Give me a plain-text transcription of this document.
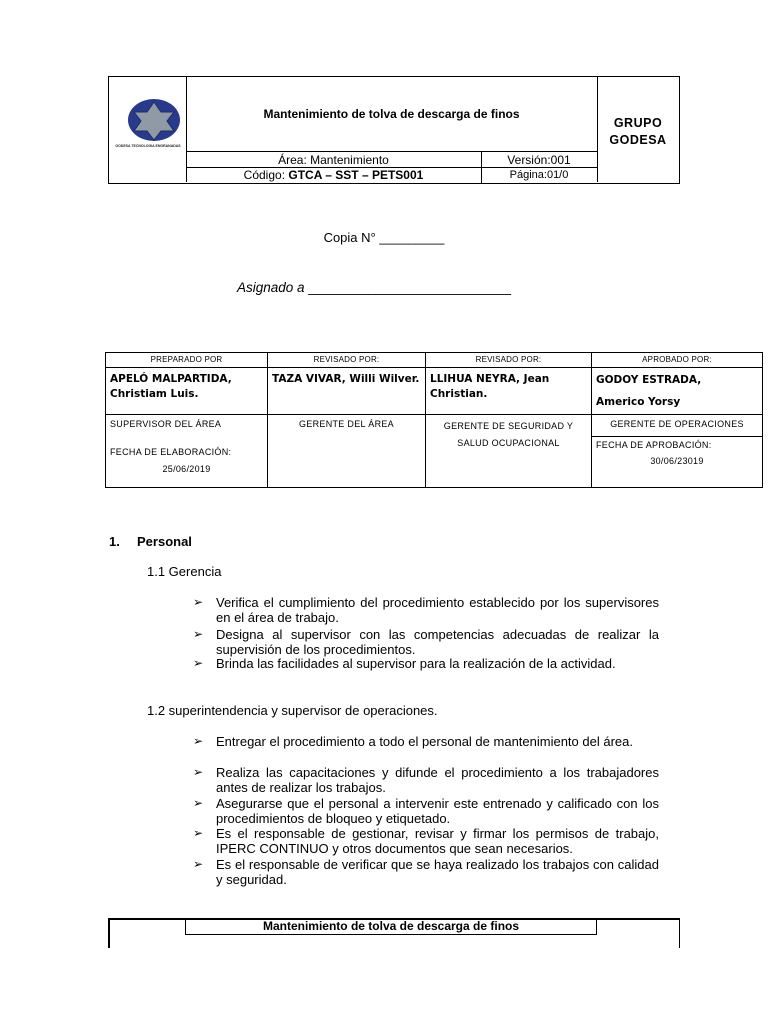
GODESA TECNOLOGIA ENGRANADAS
Mantenimiento de tolva de descarga de finos
Área: Mantenimiento	Versión:001
Código: GTCA – SST – PETS001	Página:01/0
GRUPO
GODESA
Copia N° _________
Asignado a ___________________________
PREPARADO POR
APELÓ MALPARTIDA, Christiam Luis.
SUPERVISOR DEL ÁREA
FECHA DE ELABORACIÓN:
25/06/2019
REVISADO POR:
TAZA VIVAR, Willi Wilver.
GERENTE DEL ÁREA
REVISADO POR:
LLIHUA NEYRA, Jean Christian.
GERENTE DE SEGURIDAD Y SALUD OCUPACIONAL
APROBADO POR:
GODOY ESTRADA,
Americo Yorsy
GERENTE DE OPERACIONES
FECHA DE APROBACIÓN:
30/06/23019
1. Personal
1.1 Gerencia
➢ Verifica el cumplimiento del procedimiento establecido por los supervisores en el área de trabajo.
➢ Designa al supervisor con las competencias adecuadas de realizar la supervisión de los procedimientos.
➢ Brinda las facilidades al supervisor para la realización de la actividad.
1.2 superintendencia y supervisor de operaciones.
➢ Entregar el procedimiento a todo el personal de mantenimiento del área.
➢ Realiza las capacitaciones y difunde el procedimiento a los trabajadores antes de realizar los trabajos.
➢ Asegurarse que el personal a intervenir este entrenado y calificado con los procedimientos de bloqueo y etiquetado.
➢ Es el responsable de gestionar, revisar y firmar los permisos de trabajo, IPERC CONTINUO y otros documentos que sean necesarios.
➢ Es el responsable de verificar que se haya realizado los trabajos con calidad y seguridad.
Mantenimiento de tolva de descarga de finos
